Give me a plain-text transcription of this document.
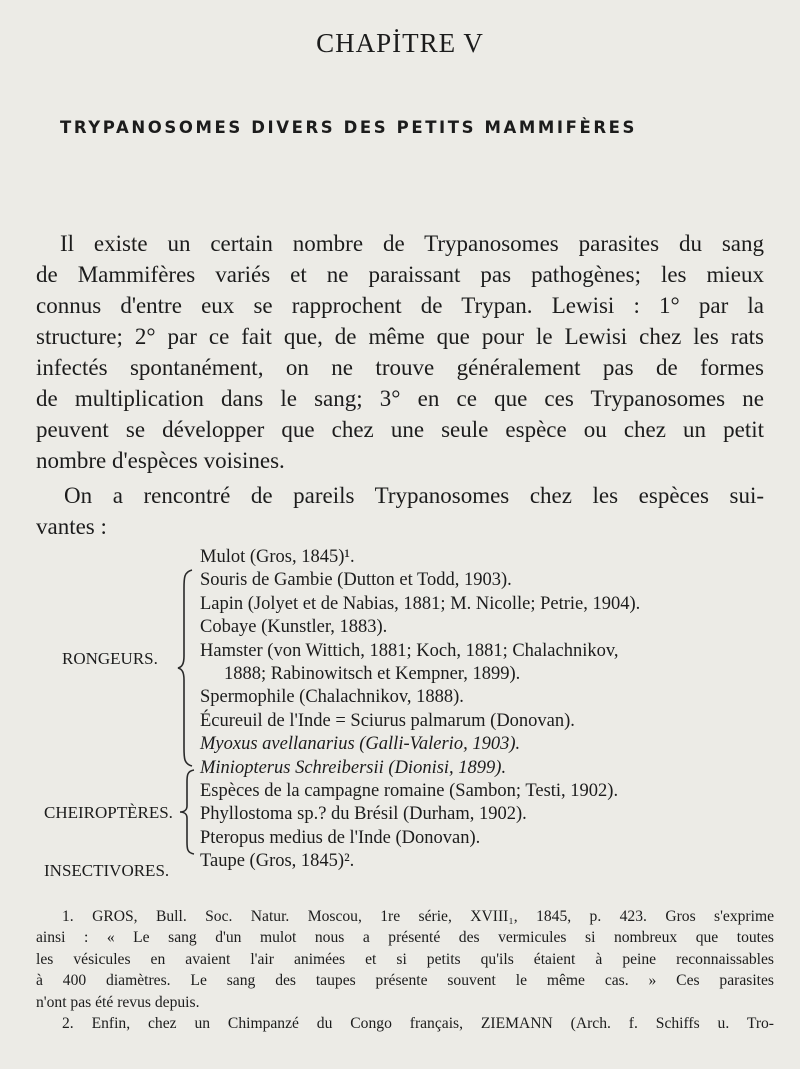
CHAPİTRE V
TRYPANOSOMES DIVERS DES PETITS MAMMIFÈRES
Il existe un certain nombre de Trypanosomes parasites du sang
de Mammifères variés et ne paraissant pas pathogènes; les mieux
connus d'entre eux se rapprochent de Trypan. Lewisi : 1° par la
structure; 2° par ce fait que, de même que pour le Lewisi chez les rats
infectés spontanément, on ne trouve généralement pas de formes
de multiplication dans le sang; 3° en ce que ces Trypanosomes ne
peuvent se développer que chez une seule espèce ou chez un petit
nombre d'espèces voisines.
On a rencontré de pareils Trypanosomes chez les espèces sui-
vantes :
RONGEURS.
CHEIROPTÈRES.
INSECTIVORES.
Mulot (Gros, 1845)¹.
Souris de Gambie (Dutton et Todd, 1903).
Lapin (Jolyet et de Nabias, 1881; M. Nicolle; Petrie, 1904).
Cobaye (Kunstler, 1883).
Hamster (von Wittich, 1881; Koch, 1881; Chalachnikov,
1888; Rabinowitsch et Kempner, 1899).
Spermophile (Chalachnikov, 1888).
Écureuil de l'Inde = Sciurus palmarum (Donovan).
Myoxus avellanarius (Galli-Valerio, 1903).
Miniopterus Schreibersii (Dionisi, 1899).
Espèces de la campagne romaine (Sambon; Testi, 1902).
Phyllostoma sp.? du Brésil (Durham, 1902).
Pteropus medius de l'Inde (Donovan).
Taupe (Gros, 1845)².
1. GROS, Bull. Soc. Natur. Moscou, 1re série, XVIII₁, 1845, p. 423. Gros s'exprime
ainsi : « Le sang d'un mulot nous a présenté des vermicules si nombreux que toutes
les vésicules en avaient l'air animées et si petits qu'ils étaient à peine reconnaissables
à 400 diamètres. Le sang des taupes présente souvent le même cas. » Ces parasites
n'ont pas été revus depuis.
2. Enfin, chez un Chimpanzé du Congo français, ZIEMANN (Arch. f. Schiffs u. Tro-
